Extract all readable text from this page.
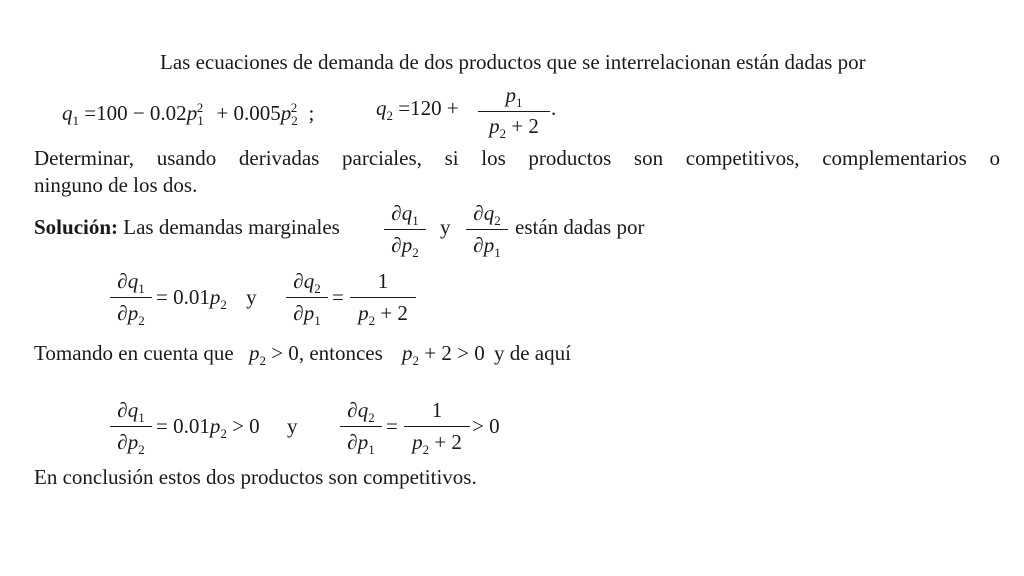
Las ecuaciones de demanda de dos productos que se interrelacionan están dadas por
$q_1 =100 - 0.02p_1^2 + 0.005p_2^2$ ;	$q_2 =120$ +
$p_1$
$p_2 + 2$
.
Determinar, usando derivadas parciales, si los productos son competitivos, complementarios o
ninguno de los dos.
Solución: Las demandas marginales
$\partial q_1$
$\partial p_2$
y
$\partial q_2$
$\partial p_1$
están dadas por
$\partial q_1$
$\partial p_2$
= $0.01p_2$ y
$\partial q_2$
$\partial p_1$
=
1
$p_2 + 2$
Tomando en cuenta que $p_2 > 0$, entonces $p_2 + 2 > 0$ y de aquí
$\partial q_1$
$\partial p_2$
= $0.01p_2 > 0$ y
$\partial q_2$
$\partial p_1$
=
1
$p_2 + 2$
> 0
En conclusión estos dos productos son competitivos.
